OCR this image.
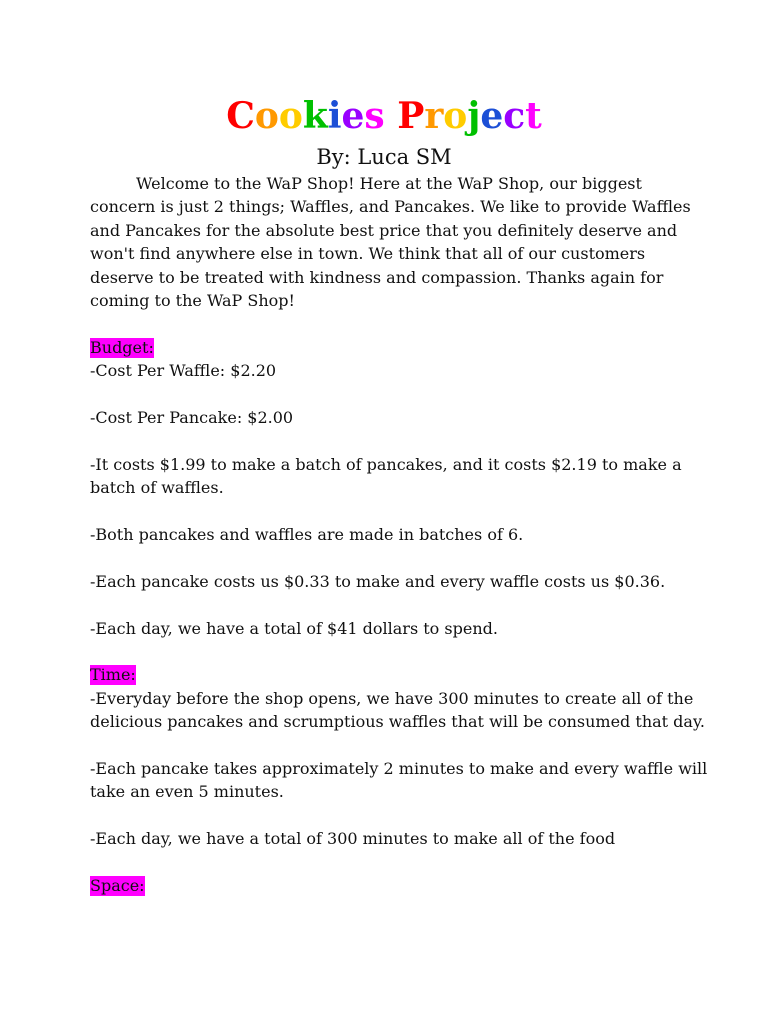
Cookies Project
By: Luca SM
Welcome to the WaP Shop! Here at the WaP Shop, our biggest
concern is just 2 things; Waffles, and Pancakes. We like to provide Waffles
and Pancakes for the absolute best price that you definitely deserve and
won't find anywhere else in town. We think that all of our customers
deserve to be treated with kindness and compassion. Thanks again for
coming to the WaP Shop!
Budget:
-Cost Per Waffle: $2.20
-Cost Per Pancake: $2.00
-It costs $1.99 to make a batch of pancakes, and it costs $2.19 to make a
batch of waffles.
-Both pancakes and waffles are made in batches of 6.
-Each pancake costs us $0.33 to make and every waffle costs us $0.36.
-Each day, we have a total of $41 dollars to spend.
Time:
-Everyday before the shop opens, we have 300 minutes to create all of the
delicious pancakes and scrumptious waffles that will be consumed that day.
-Each pancake takes approximately 2 minutes to make and every waffle will
take an even 5 minutes.
-Each day, we have a total of 300 minutes to make all of the food
Space:
